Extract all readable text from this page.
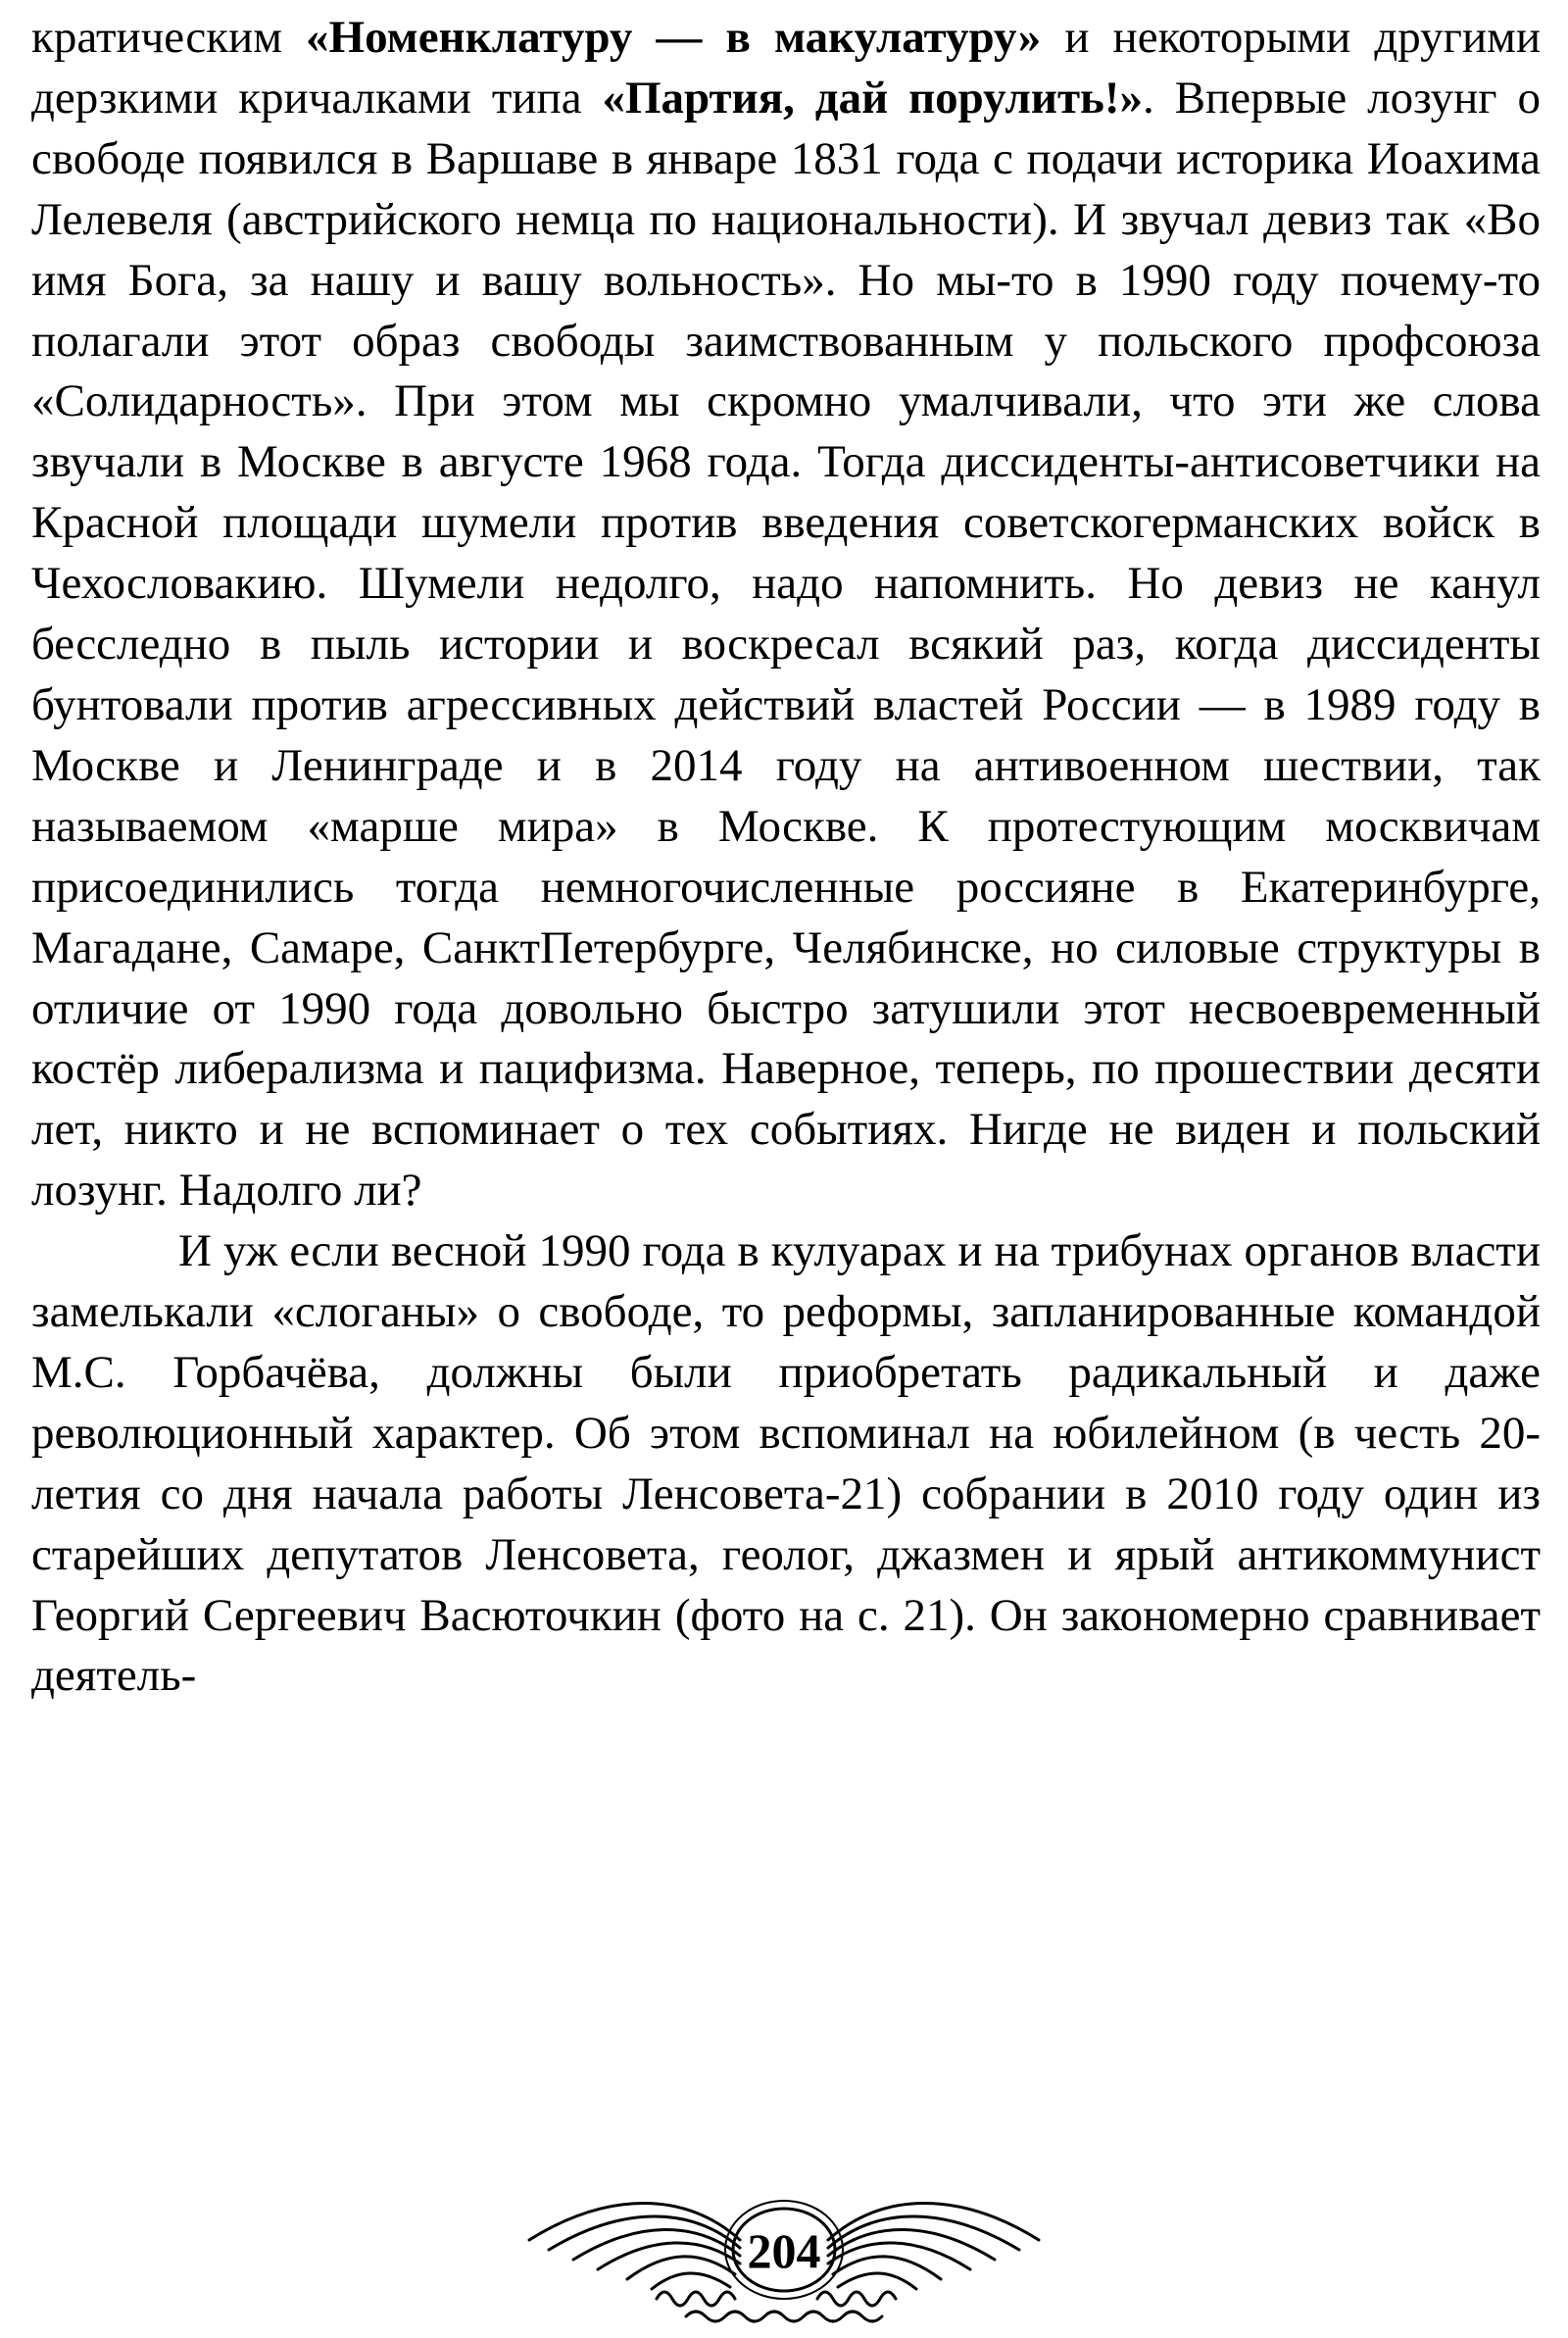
кратическим «Номенклатуру — в макулатуру» и некоторыми другими дерзкими кричалками типа «Партия, дай порулить!». Впервые лозунг о свободе появился в Варшаве в январе 1831 года с подачи историка Иоахима Лелевеля (австрийского немца по национальности). И звучал девиз так «Во имя Бога, за нашу и вашу вольность». Но мы-то в 1990 году почему-то полагали этот образ свободы заимствованным у польского профсоюза «Солидарность». При этом мы скромно умалчивали, что эти же слова звучали в Москве в августе 1968 года. Тогда диссиденты-антисоветчики на Красной площади шумели против введения советскогерманских войск в Чехословакию. Шумели недолго, надо напомнить. Но девиз не канул бесследно в пыль истории и воскресал всякий раз, когда диссиденты бунтовали против агрессивных действий властей России — в 1989 году в Москве и Ленинграде и в 2014 году на антивоенном шествии, так называемом «марше мира» в Москве. К протестующим москвичам присоединились тогда немногочисленные россияне в Екатеринбурге, Магадане, Самаре, СанктПетербурге, Челябинске, но силовые структуры в отличие от 1990 года довольно быстро затушили этот несвоевременный костёр либерализма и пацифизма. Наверное, теперь, по прошествии десяти лет, никто и не вспоминает о тех событиях. Нигде не виден и польский лозунг. Надолго ли?

И уж если весной 1990 года в кулуарах и на трибунах органов власти замелькали «слоганы» о свободе, то реформы, запланированные командой М.С. Горбачёва, должны были приобретать радикальный и даже революционный характер. Об этом вспоминал на юбилейном (в честь 20-летия со дня начала работы Ленсовета-21) собрании в 2010 году один из старейших депутатов Ленсовета, геолог, джазмен и ярый антикоммунист Георгий Сергеевич Васюточкин (фото на с. 21). Он закономерно сравнивает деятель-

204
